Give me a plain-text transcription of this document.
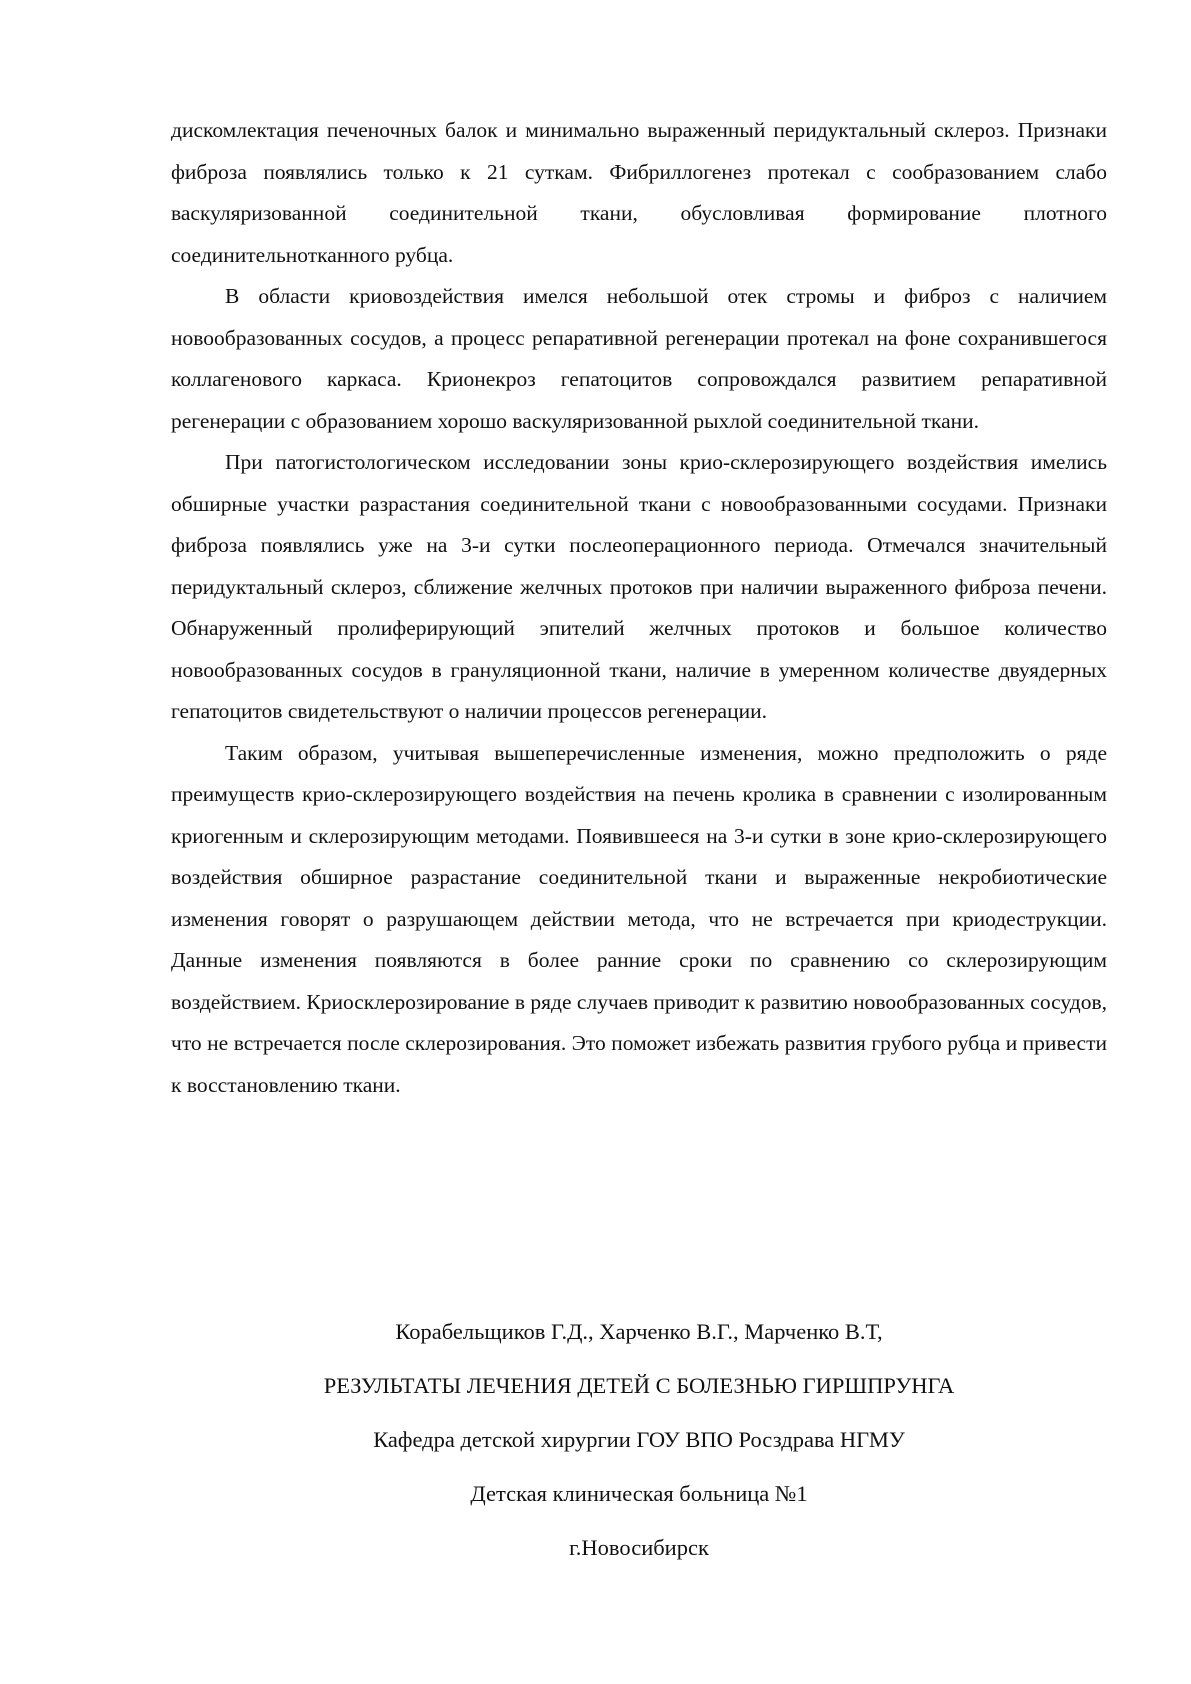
дискомлектация печеночных балок и минимально выраженный перидуктальный склероз. Признаки фиброза появлялись только к 21 суткам. Фибриллогенез протекал с сообразованием слабо васкуляризованной соединительной ткани, обусловливая формирование плотного соединительнотканного рубца.

В области криовоздействия имелся небольшой отек стромы и фиброз с наличием новообразованных сосудов, а процесс репаративной регенерации протекал на фоне сохранившегося коллагенового каркаса. Крионекроз гепатоцитов сопровождался развитием репаративной регенерации с образованием хорошо васкуляризованной рыхлой соединительной ткани.

При патогистологическом исследовании зоны крио-склерозирующего воздействия имелись обширные участки разрастания соединительной ткани с новообразованными сосудами. Признаки фиброза появлялись уже на 3-и сутки послеоперационного периода. Отмечался значительный перидуктальный склероз, сближение желчных протоков при наличии выраженного фиброза печени. Обнаруженный пролиферирующий эпителий желчных протоков и большое количество новообразованных сосудов в грануляционной ткани, наличие в умеренном количестве двуядерных гепатоцитов свидетельствуют о наличии процессов регенерации.

Таким образом, учитывая вышеперечисленные изменения, можно предположить о ряде преимуществ крио-склерозирующего воздействия на печень кролика в сравнении с изолированным криогенным и склерозирующим методами. Появившееся на 3-и сутки в зоне крио-склерозирующего воздействия обширное разрастание соединительной ткани и выраженные некробиотические изменения говорят о разрушающем действии метода, что не встречается при криодеструкции. Данные изменения появляются в более ранние сроки по сравнению со склерозирующим воздействием. Криосклерозирование в ряде случаев приводит к развитию новообразованных сосудов, что не встречается после склерозирования. Это поможет избежать развития грубого рубца и привести к восстановлению ткани.

Корабельщиков Г.Д., Харченко В.Г., Марченко В.Т,
РЕЗУЛЬТАТЫ ЛЕЧЕНИЯ ДЕТЕЙ С БОЛЕЗНЬЮ ГИРШПРУНГА
Кафедра детской хирургии ГОУ ВПО Росздрава НГМУ
Детская клиническая больница №1
г.Новосибирск
